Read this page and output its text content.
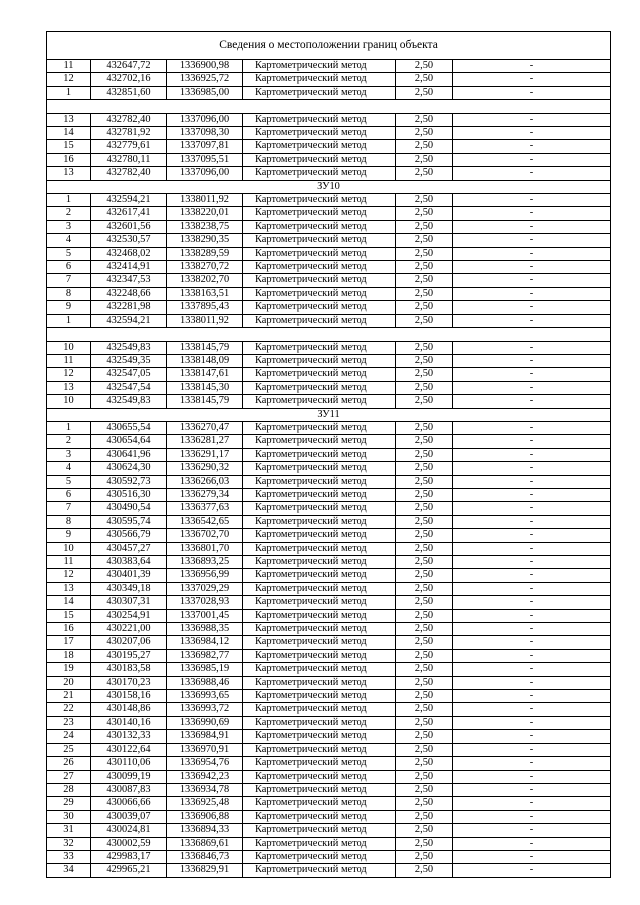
Сведения о местоположении границ объекта					
11	432647,72	1336900,98	Картометрический метод	2,50	-
12	432702,16	1336925,72	Картометрический метод	2,50	-
1	432851,60	1336985,00	Картометрический метод	2,50	-

13	432782,40	1337096,00	Картометрический метод	2,50	-
14	432781,92	1337098,30	Картометрический метод	2,50	-
15	432779,61	1337097,81	Картометрический метод	2,50	-
16	432780,11	1337095,51	Картометрический метод	2,50	-
13	432782,40	1337096,00	Картометрический метод	2,50	-
ЗУ10					
1	432594,21	1338011,92	Картометрический метод	2,50	-
2	432617,41	1338220,01	Картометрический метод	2,50	-
3	432601,56	1338238,75	Картометрический метод	2,50	-
4	432530,57	1338290,35	Картометрический метод	2,50	-
5	432468,02	1338289,59	Картометрический метод	2,50	-
6	432414,91	1338270,72	Картометрический метод	2,50	-
7	432347,53	1338202,70	Картометрический метод	2,50	-
8	432248,66	1338163,51	Картометрический метод	2,50	-
9	432281,98	1337895,43	Картометрический метод	2,50	-
1	432594,21	1338011,92	Картометрический метод	2,50	-

10	432549,83	1338145,79	Картометрический метод	2,50	-
11	432549,35	1338148,09	Картометрический метод	2,50	-
12	432547,05	1338147,61	Картометрический метод	2,50	-
13	432547,54	1338145,30	Картометрический метод	2,50	-
10	432549,83	1338145,79	Картометрический метод	2,50	-
ЗУ11					
1	430655,54	1336270,47	Картометрический метод	2,50	-
2	430654,64	1336281,27	Картометрический метод	2,50	-
3	430641,96	1336291,17	Картометрический метод	2,50	-
4	430624,30	1336290,32	Картометрический метод	2,50	-
5	430592,73	1336266,03	Картометрический метод	2,50	-
6	430516,30	1336279,34	Картометрический метод	2,50	-
7	430490,54	1336377,63	Картометрический метод	2,50	-
8	430595,74	1336542,65	Картометрический метод	2,50	-
9	430566,79	1336702,70	Картометрический метод	2,50	-
10	430457,27	1336801,70	Картометрический метод	2,50	-
11	430383,64	1336893,25	Картометрический метод	2,50	-
12	430401,39	1336956,99	Картометрический метод	2,50	-
13	430349,18	1337029,29	Картометрический метод	2,50	-
14	430307,31	1337028,93	Картометрический метод	2,50	-
15	430254,91	1337001,45	Картометрический метод	2,50	-
16	430221,00	1336988,35	Картометрический метод	2,50	-
17	430207,06	1336984,12	Картометрический метод	2,50	-
18	430195,27	1336982,77	Картометрический метод	2,50	-
19	430183,58	1336985,19	Картометрический метод	2,50	-
20	430170,23	1336988,46	Картометрический метод	2,50	-
21	430158,16	1336993,65	Картометрический метод	2,50	-
22	430148,86	1336993,72	Картометрический метод	2,50	-
23	430140,16	1336990,69	Картометрический метод	2,50	-
24	430132,33	1336984,91	Картометрический метод	2,50	-
25	430122,64	1336970,91	Картометрический метод	2,50	-
26	430110,06	1336954,76	Картометрический метод	2,50	-
27	430099,19	1336942,23	Картометрический метод	2,50	-
28	430087,83	1336934,78	Картометрический метод	2,50	-
29	430066,66	1336925,48	Картометрический метод	2,50	-
30	430039,07	1336906,88	Картометрический метод	2,50	-
31	430024,81	1336894,33	Картометрический метод	2,50	-
32	430002,59	1336869,61	Картометрический метод	2,50	-
33	429983,17	1336846,73	Картометрический метод	2,50	-
34	429965,21	1336829,91	Картометрический метод	2,50	-
